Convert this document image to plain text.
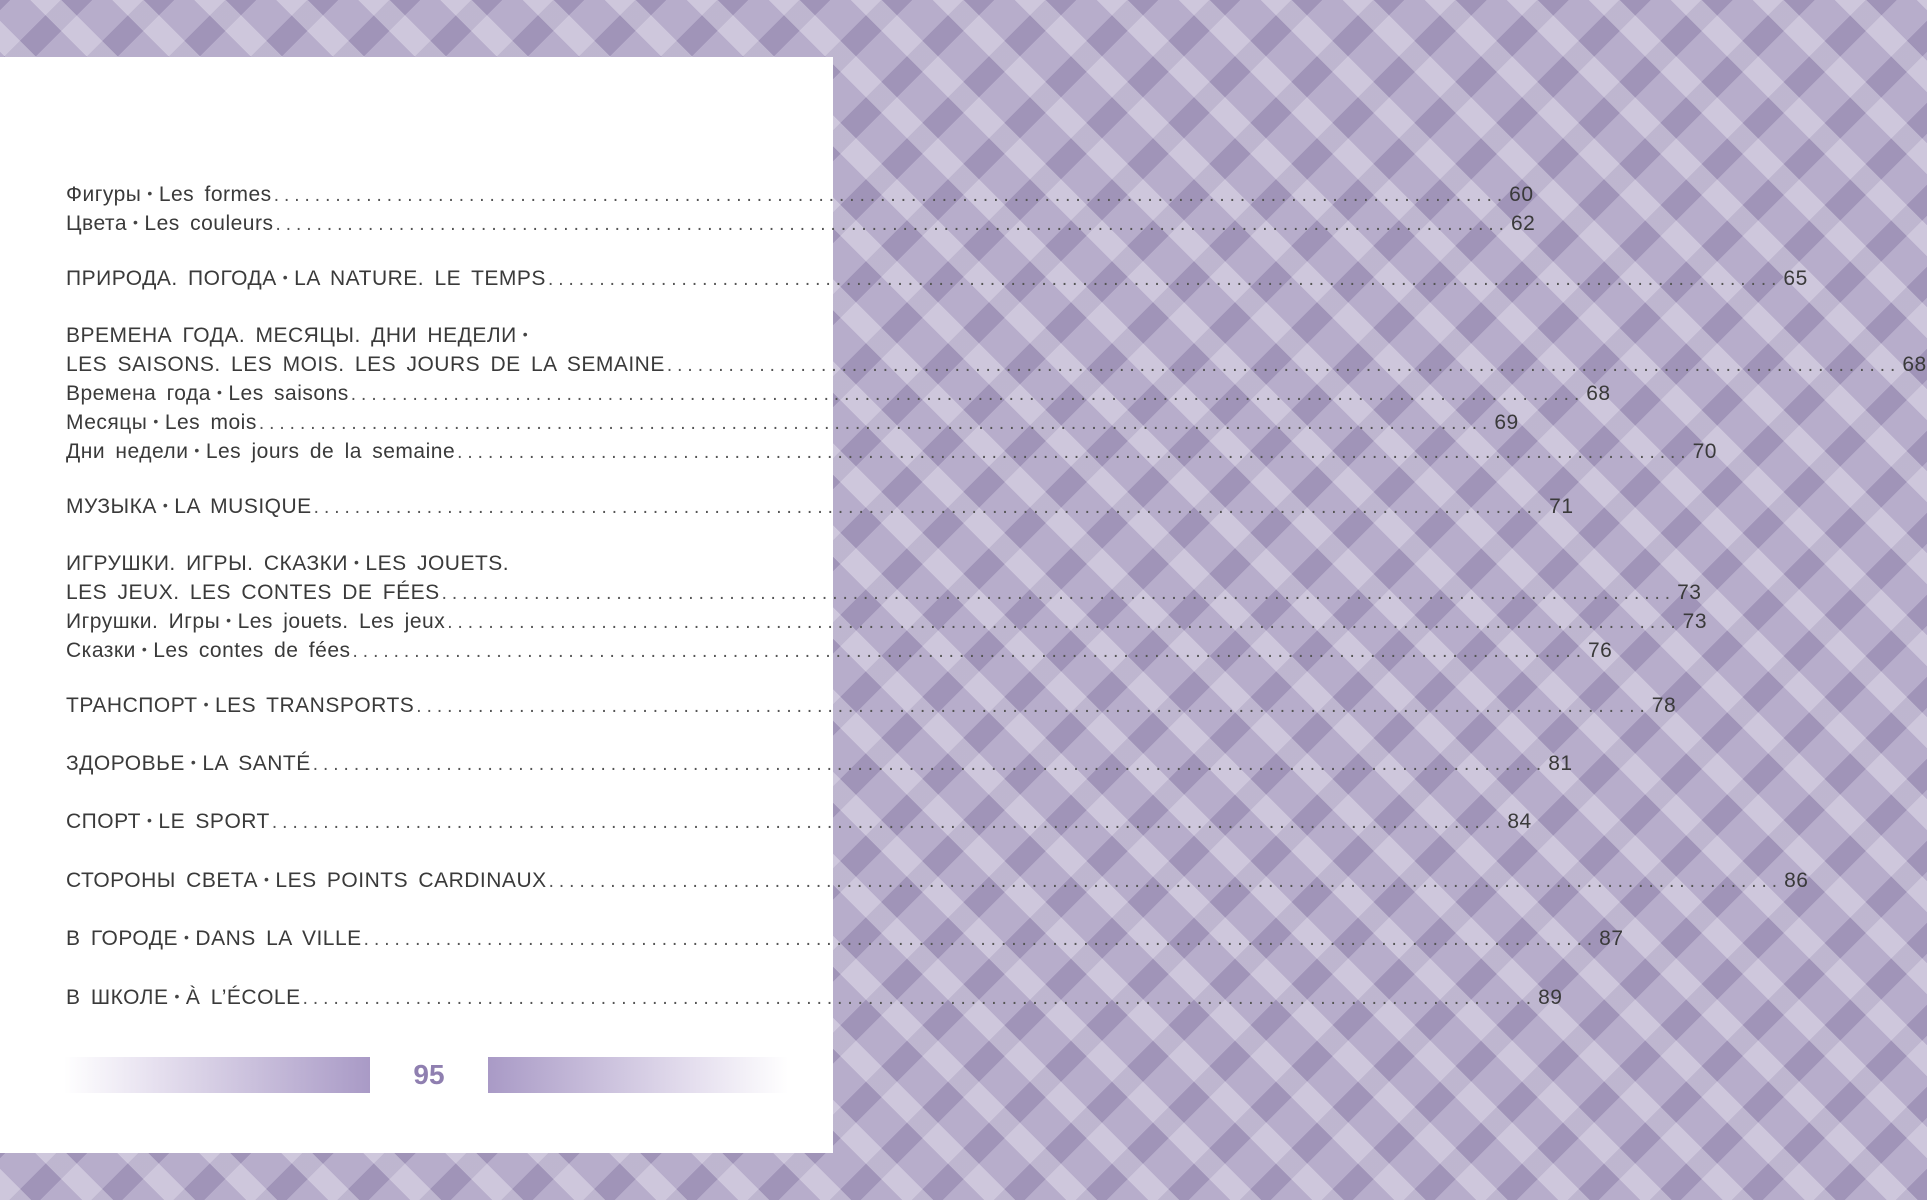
Фигуры • Les formes ........................................................................................................................ 60
Цвета • Les couleurs ........................................................................................................................ 62
ПРИРОДА. ПОГОДА • LA NATURE. LE TEMPS ........................................................................................................................ 65
ВРЕМЕНА ГОДА. МЕСЯЦЫ. ДНИ НЕДЕЛИ •
LES SAISONS. LES MOIS. LES JOURS DE LA SEMAINE ........................................................................................................................ 68
Времена года • Les saisons ........................................................................................................................ 68
Месяцы • Les mois ........................................................................................................................ 69
Дни недели • Les jours de la semaine ........................................................................................................................ 70
МУЗЫКА • LA MUSIQUE ........................................................................................................................ 71
ИГРУШКИ. ИГРЫ. СКАЗКИ • LES JOUETS.
LES JEUX. LES CONTES DE FÉES ........................................................................................................................ 73
Игрушки. Игры • Les jouets. Les jeux ........................................................................................................................ 73
Сказки • Les contes de fées ........................................................................................................................ 76
ТРАНСПОРТ • LES TRANSPORTS ........................................................................................................................ 78
ЗДОРОВЬЕ • LA SANTÉ ........................................................................................................................ 81
СПОРТ • LE SPORT ........................................................................................................................ 84
СТОРОНЫ СВЕТА • LES POINTS CARDINAUX ........................................................................................................................ 86
В ГОРОДЕ • DANS LA VILLE ........................................................................................................................ 87
В ШКОЛЕ • À L’ÉCOLE ........................................................................................................................ 89
95
